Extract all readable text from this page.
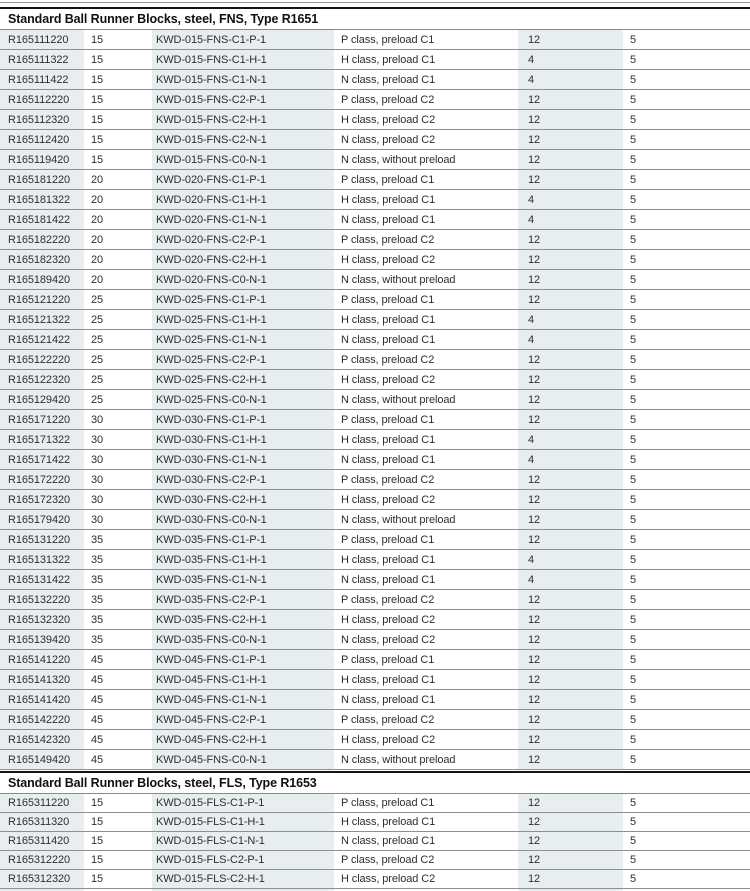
Standard Ball Runner Blocks, steel, FNS, Type R1651
R165111220	15	KWD-015-FNS-C1-P-1	P class, preload C1	12	5
R165111322	15	KWD-015-FNS-C1-H-1	H class, preload C1	4	5
R165111422	15	KWD-015-FNS-C1-N-1	N class, preload C1	4	5
R165112220	15	KWD-015-FNS-C2-P-1	P class, preload C2	12	5
R165112320	15	KWD-015-FNS-C2-H-1	H class, preload C2	12	5
R165112420	15	KWD-015-FNS-C2-N-1	N class, preload C2	12	5
R165119420	15	KWD-015-FNS-C0-N-1	N class, without preload	12	5
R165181220	20	KWD-020-FNS-C1-P-1	P class, preload C1	12	5
R165181322	20	KWD-020-FNS-C1-H-1	H class, preload C1	4	5
R165181422	20	KWD-020-FNS-C1-N-1	N class, preload C1	4	5
R165182220	20	KWD-020-FNS-C2-P-1	P class, preload C2	12	5
R165182320	20	KWD-020-FNS-C2-H-1	H class, preload C2	12	5
R165189420	20	KWD-020-FNS-C0-N-1	N class, without preload	12	5
R165121220	25	KWD-025-FNS-C1-P-1	P class, preload C1	12	5
R165121322	25	KWD-025-FNS-C1-H-1	H class, preload C1	4	5
R165121422	25	KWD-025-FNS-C1-N-1	N class, preload C1	4	5
R165122220	25	KWD-025-FNS-C2-P-1	P class, preload C2	12	5
R165122320	25	KWD-025-FNS-C2-H-1	H class, preload C2	12	5
R165129420	25	KWD-025-FNS-C0-N-1	N class, without preload	12	5
R165171220	30	KWD-030-FNS-C1-P-1	P class, preload C1	12	5
R165171322	30	KWD-030-FNS-C1-H-1	H class, preload C1	4	5
R165171422	30	KWD-030-FNS-C1-N-1	N class, preload C1	4	5
R165172220	30	KWD-030-FNS-C2-P-1	P class, preload C2	12	5
R165172320	30	KWD-030-FNS-C2-H-1	H class, preload C2	12	5
R165179420	30	KWD-030-FNS-C0-N-1	N class, without preload	12	5
R165131220	35	KWD-035-FNS-C1-P-1	P class, preload C1	12	5
R165131322	35	KWD-035-FNS-C1-H-1	H class, preload C1	4	5
R165131422	35	KWD-035-FNS-C1-N-1	N class, preload C1	4	5
R165132220	35	KWD-035-FNS-C2-P-1	P class, preload C2	12	5
R165132320	35	KWD-035-FNS-C2-H-1	H class, preload C2	12	5
R165139420	35	KWD-035-FNS-C0-N-1	N class, preload C2	12	5
R165141220	45	KWD-045-FNS-C1-P-1	P class, preload C1	12	5
R165141320	45	KWD-045-FNS-C1-H-1	H class, preload C1	12	5
R165141420	45	KWD-045-FNS-C1-N-1	N class, preload C1	12	5
R165142220	45	KWD-045-FNS-C2-P-1	P class, preload C2	12	5
R165142320	45	KWD-045-FNS-C2-H-1	H class, preload C2	12	5
R165149420	45	KWD-045-FNS-C0-N-1	N class, without preload	12	5
Standard Ball Runner Blocks, steel, FLS, Type R1653
R165311220	15	KWD-015-FLS-C1-P-1	P class, preload C1	12	5
R165311320	15	KWD-015-FLS-C1-H-1	H class, preload C1	12	5
R165311420	15	KWD-015-FLS-C1-N-1	N class, preload C1	12	5
R165312220	15	KWD-015-FLS-C2-P-1	P class, preload C2	12	5
R165312320	15	KWD-015-FLS-C2-H-1	H class, preload C2	12	5
